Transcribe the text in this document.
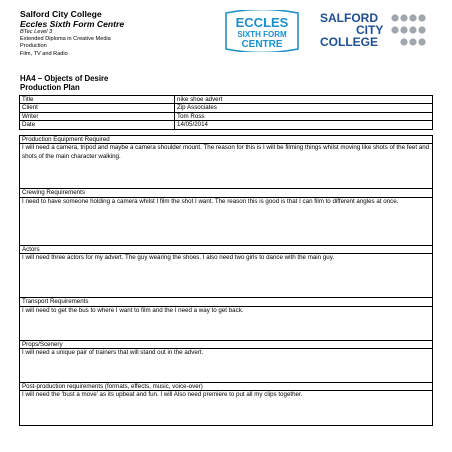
Salford City College
Eccles Sixth Form Centre
BTec Level 3
Extended Diploma in Creative Media Production
Film, TV and Radio
ECCLES
SIXTH FORM
CENTRE
SALFORD
CITY
COLLEGE
HA4 – Objects of Desire
Production Plan
Title	nike shoe advert
Client	Zip Associates
Writer	Tom Ross
Date	14/05/2014
Production Equipment Required
I will need a camera, tripod and maybe a camera shoulder mount. The reason for this is I will be filming things whilst moving like shots of the feet and shots of the main character walking.
Crewing Requirements
I need to have someone holding a camera whilst I film the shot I want. The reason this is good is that I can film to different angles at once.
Actors
I will need three actors for my advert. The guy wearing the shoes. I also need two girls to dance with the main guy.
Transport Requirements
I will need to get the bus to where I want to film and the I need a way to get back.
Props/Scenery
I will need a unique pair of trainers that will stand out in the advert.
Post-production requirements (formats, effects, music, voice-over)
I will need the ‘bust a move’ as its upbeat and fun. I will Also need premiere to put all my clips together.
